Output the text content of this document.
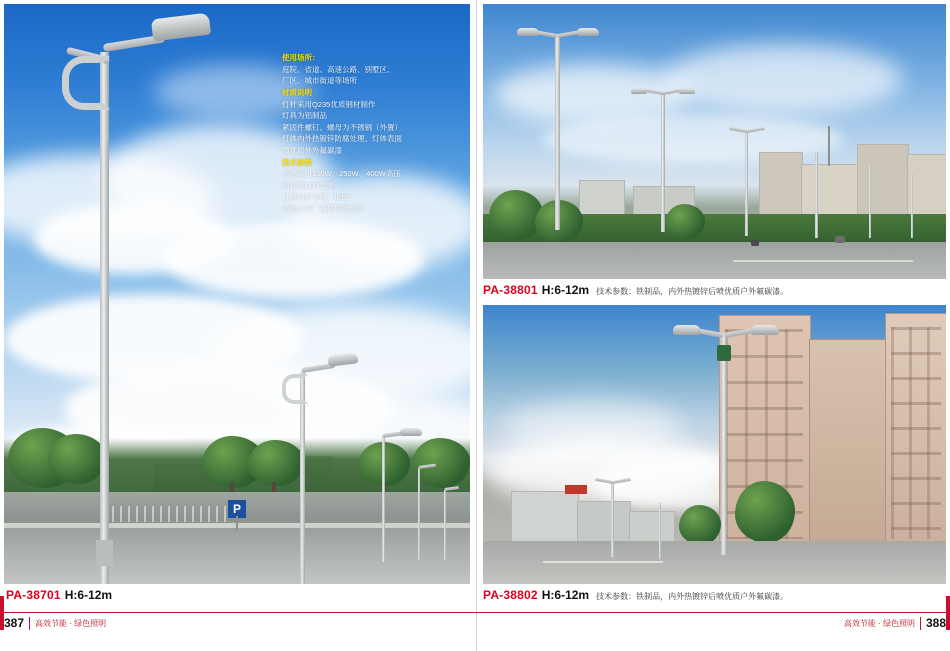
P
使用场所：
庭院、省道、高速公路、别墅区、
厂区、城市街道等场所
材质说明
灯杆采用Q235优质钢材制作
灯具为铝制品
紧固件螺钉、螺母为不锈钢（外置）
灯体内外热镀锌防腐处理、灯体表面
喷优质外外氟碳漆
技术参数
光源采用150W、250W、400W高压
钠灯或LED光源
灯具的护等级：IP55
基础由本厂提供图纸制作
PA-38701 H:6-12m
PA-38801 H:6-12m 技术参数：铁制品，内外热镀锌后喷优质户外氟碳漆。
PA-38802 H:6-12m 技术参数：铁制品，内外热镀锌后喷优质户外氟碳漆。
387 高效节能 · 绿色照明	高效节能 · 绿色照明 388
